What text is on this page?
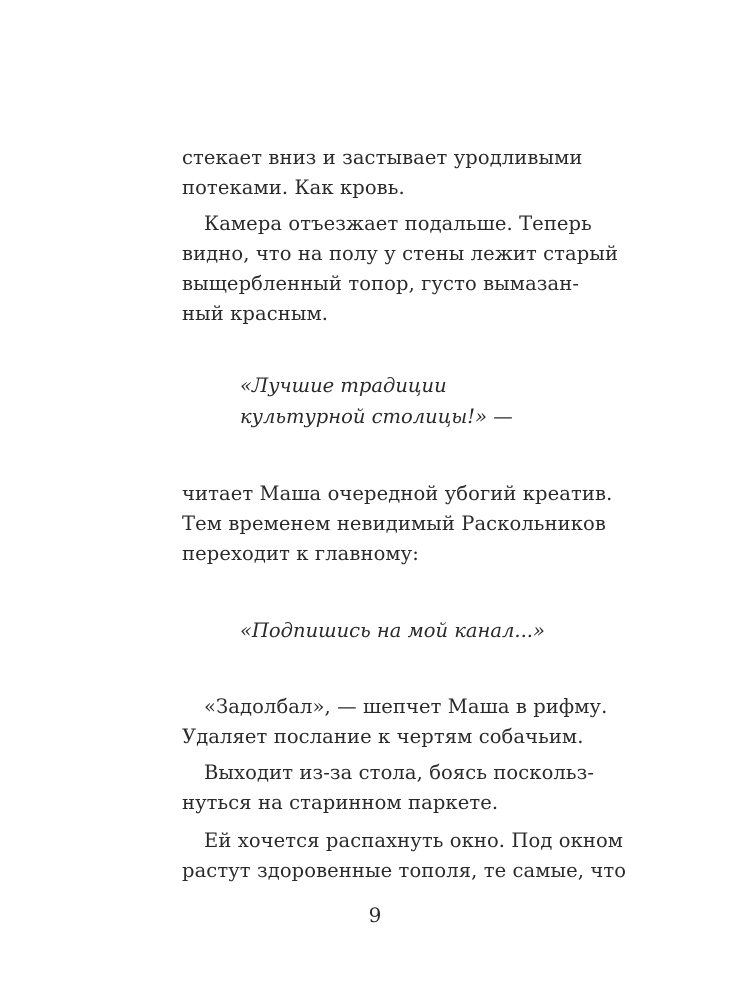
стекает вниз и застывает уродливыми
потеками. Как кровь.
Камера отъезжает подальше. Теперь
видно, что на полу у стены лежит старый
выщербленный топор, густо вымазан-
ный красным.
«Лучшие традиции
культурной столицы!» —
читает Маша очередной убогий креатив.
Тем временем невидимый Раскольников
переходит к главному:
«Подпишись на мой канал...»
«Задолбал», — шепчет Маша в рифму.
Удаляет послание к чертям собачьим.
Выходит из-за стола, боясь поскольз-
нуться на старинном паркете.
Ей хочется распахнуть окно. Под окном
растут здоровенные тополя, те самые, что
9
